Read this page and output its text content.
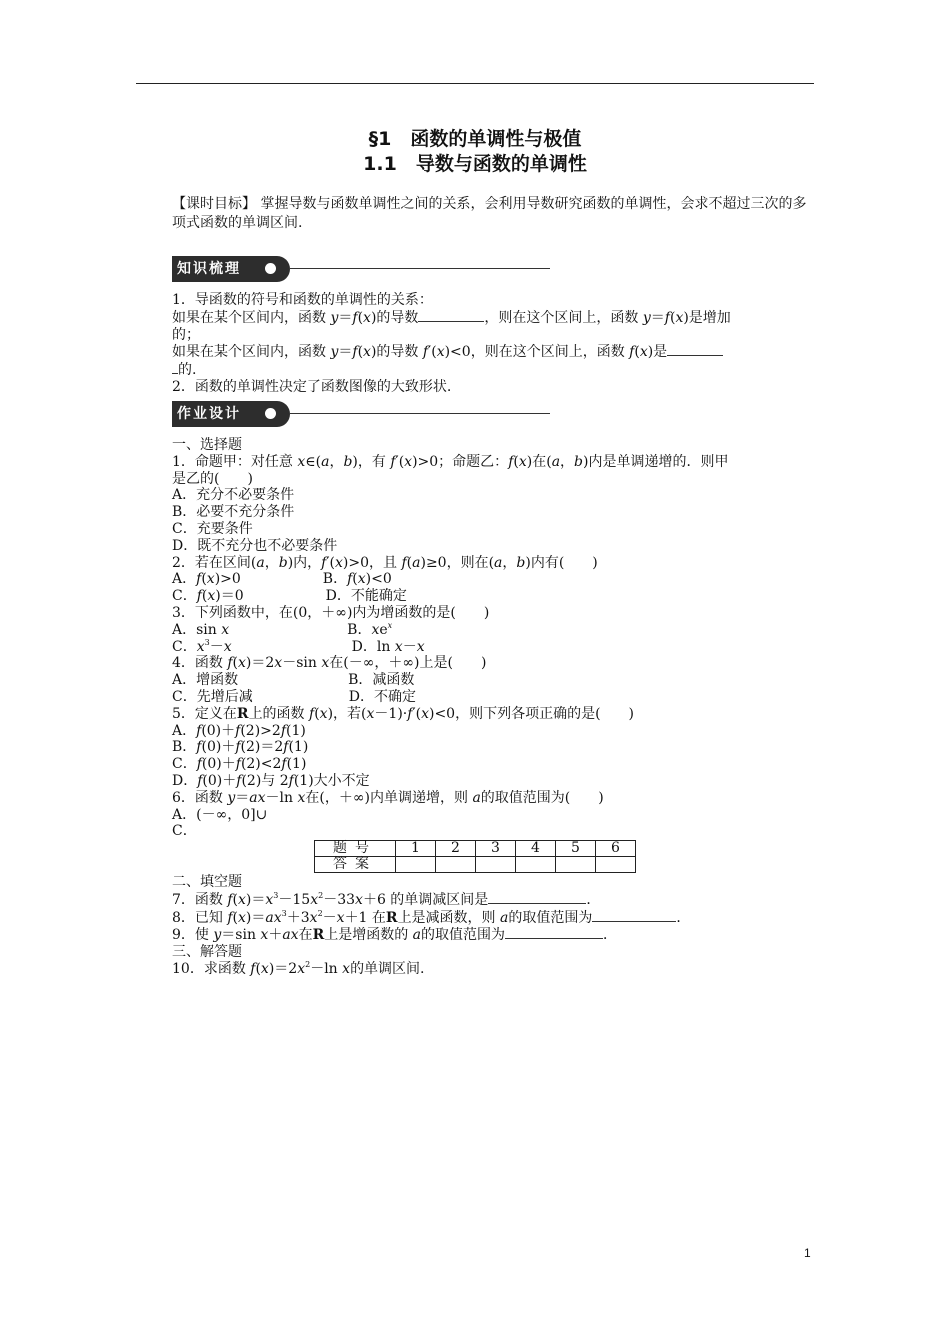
§1　函数的单调性与极值
1.1　导数与函数的单调性
【课时目标】 掌握导数与函数单调性之间的关系，会利用导数研究函数的单调性，会求不超过三次的多项式函数的单调区间.
知识梳理

1．导函数的符号和函数的单调性的关系：

如果在某个区间内，函数 y＝f(x)的导数	，则在这个区间上，函数 y＝f(x)是增加

的；

如果在某个区间内，函数 y＝f(x)的导数 f′(x)<0，则在这个区间上，函数 f(x)是

的.

2．函数的单调性决定了函数图像的大致形状.

作业设计

一、选择题

1．命题甲：对任意 x∈(a，b)，有 f′(x)>0；命题乙：f(x)在(a，b)内是单调递增的．则甲

是乙的(　　)

A．充分不必要条件

B．必要不充分条件

C．充要条件

D．既不充分也不必要条件

2．若在区间(a，b)内，f′(x)>0，且 f(a)≥0，则在(a，b)内有(　　)

A．f(x)>0	B．f(x)<0

C．f(x)＝0	D．不能确定

3．下列函数中，在(0，＋∞)内为增函数的是(　　)

A．sin x	B．$xe^x$

C．$x^3-x$	D．ln x－x

4．函数 f(x)＝2x－sin x在(－∞，＋∞)上是(　　)

A．增函数	B．减函数

C．先增后减	D．不确定

5．定义在R上的函数 f(x)，若(x－1)·f′(x)<0，则下列各项正确的是(　　)

A．f(0)＋f(2)>2f(1)

B．f(0)＋f(2)＝2f(1)

C．f(0)＋f(2)<2f(1)

D．f(0)＋f(2)与 2f(1)大小不定

6．函数 y＝ax－ln x在(，＋∞)内单调递增，则 a的取值范围为(　　)

A．(－∞，0]∪

C．

题号	1	2	3	4	5	6
答案						

二、填空题

7．函数 $f(x)=x^3-15x^2-33x+6$ 的单调减区间是	．

8．已知 $f(x)=ax^3+3x^2-x+1$ 在R上是减函数，则 a的取值范围为	．

9．使 y＝sin x＋ax在R上是增函数的 a的取值范围为	．

三、解答题

10．求函数 $f(x)=2x^2-\ln$ x的单调区间.

1
